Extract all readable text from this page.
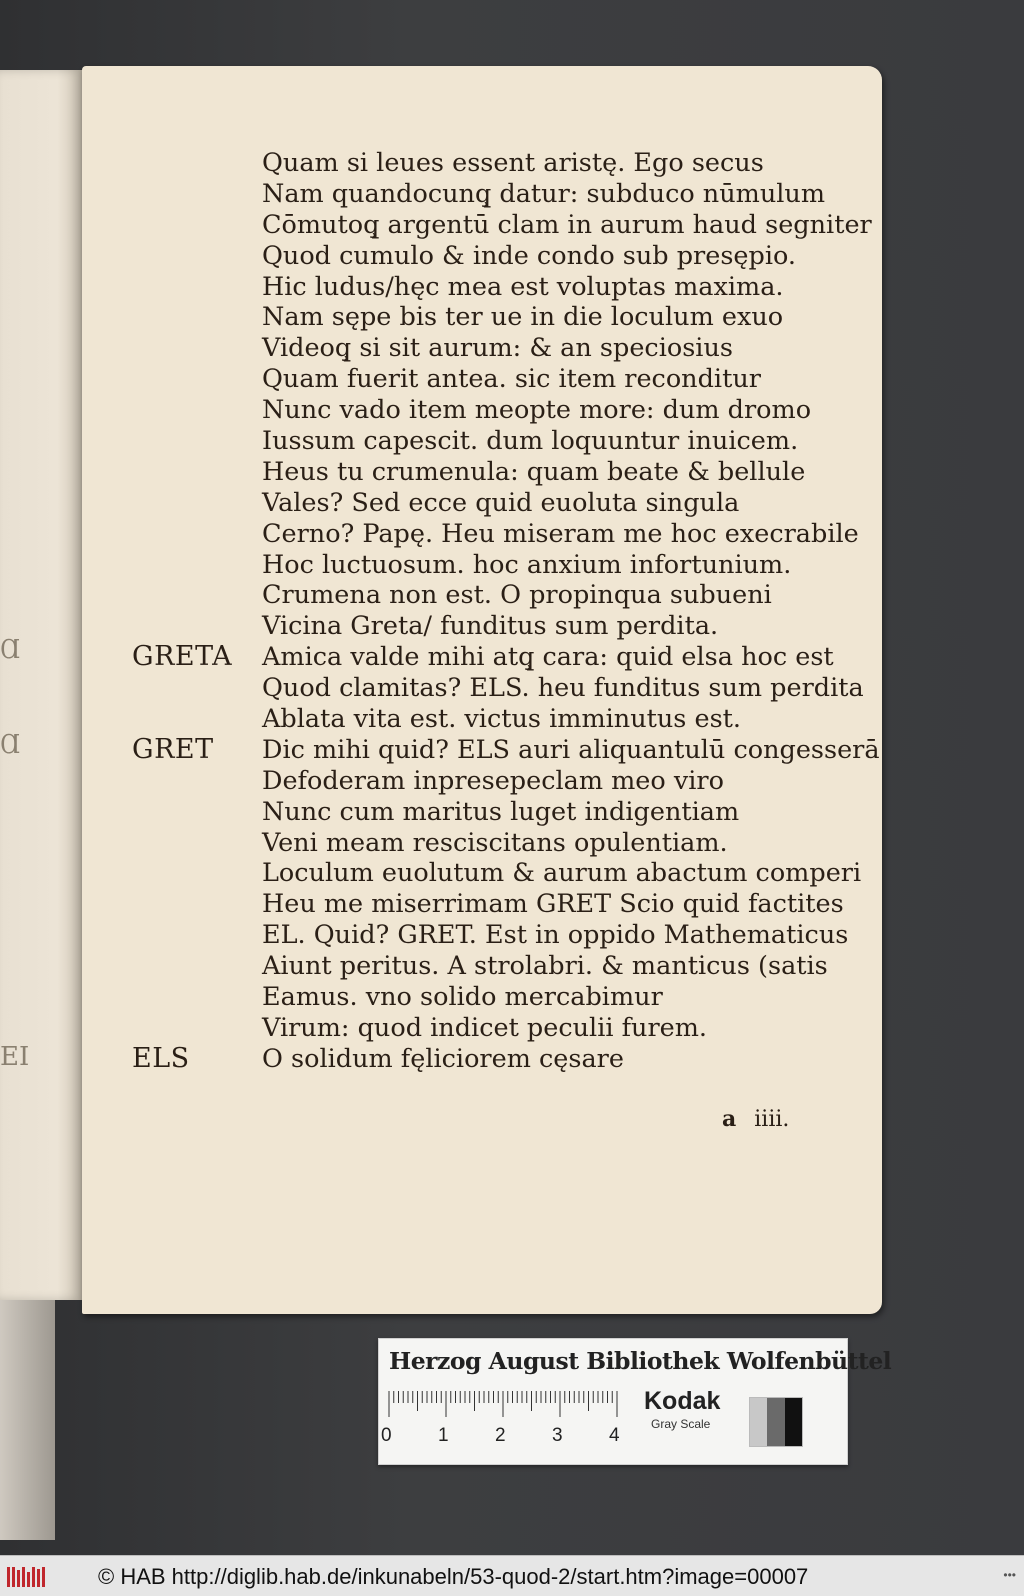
Ɑ
Ɑ
EI
Quam si leues essent aristę. Ego secus
Nam quandocunq̧ datur: subduco nūmulum
Cōmutoq̧ argentū clam in aurum haud segniter
Quod cumulo & inde condo sub presępio.
Hic ludus/hęc mea est voluptas maxima.
Nam sępe bis ter ue in die loculum exuo
Videoq̧ si sit aurum: & an speciosius
Quam fuerit antea. sic item reconditur
Nunc vado item meopte more: dum dromo
Iussum capescit. dum loquuntur inuicem.
Heus tu crumenula: quam beate & bellule
Vales? Sed ecce quid euoluta singula
Cerno? Papę. Heu miseram me hoc execrabile
Hoc luctuosum. hoc anxium infortunium.
Crumena non est. O propinqua subueni
Vicina Greta/ funditus sum perdita.
GRETA Amica valde mihi atq̧ cara: quid elsa hoc est
Quod clamitas? ELS. heu funditus sum perdita
Ablata vita est. victus imminutus est.
GRET Dic mihi quid? ELS auri aliquantulū congesserā
Defoderam inpresepeclam meo viro
Nunc cum maritus luget indigentiam
Veni meam resciscitans opulentiam.
Loculum euolutum & aurum abactum comperi
Heu me miserrimam GRET Scio quid factites
EL. Quid? GRET. Est in oppido Mathematicus
Aiunt peritus. A strolabri. & manticus (satis
Eamus. vno solido mercabimur
Virum: quod indicet peculii furem.
ELS	O solidum fęliciorem cęsare
a iiii.
Herzog August Bibliothek Wolfenbüttel
0 1 2 3 4
Kodak
Gray Scale
© HAB http://diglib.hab.de/inkunabeln/53-quod-2/start.htm?image=00007	•••
